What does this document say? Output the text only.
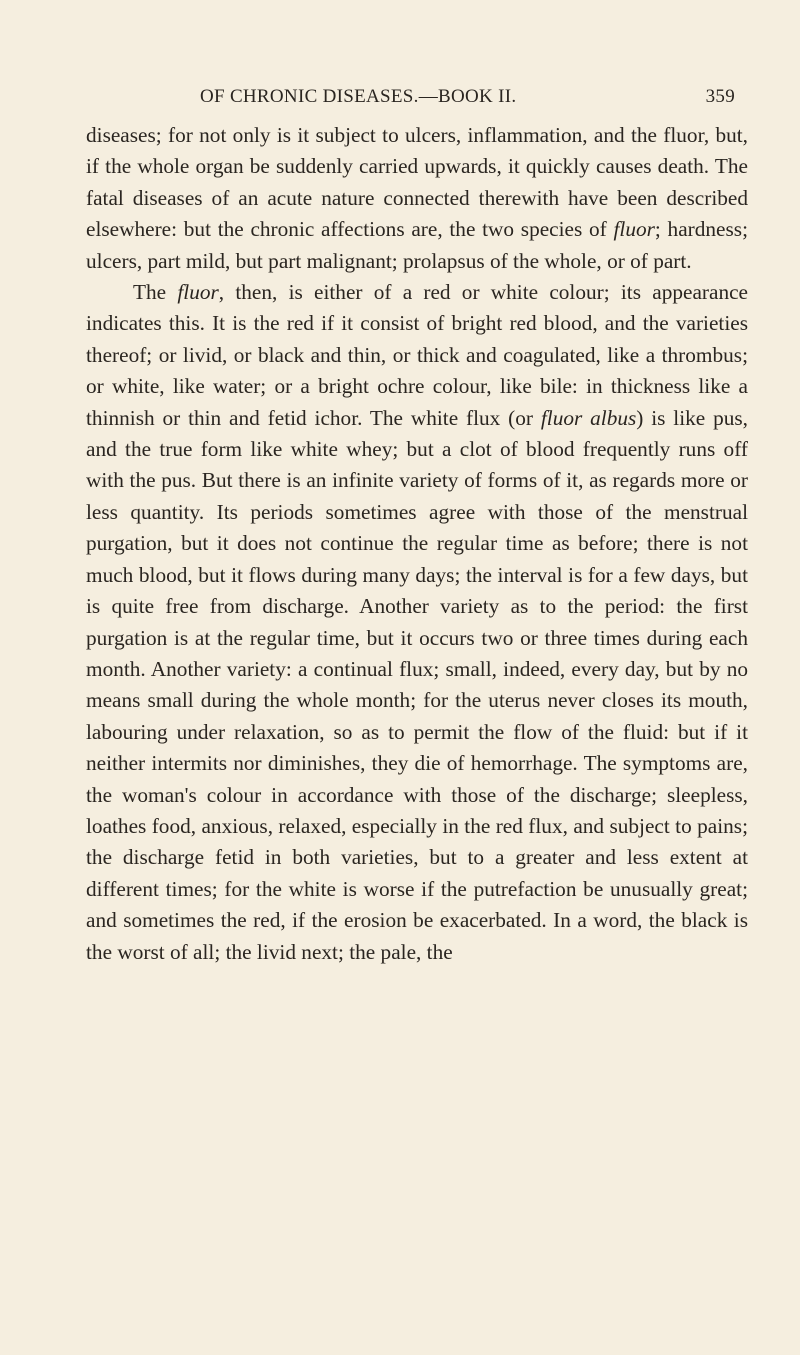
OF CHRONIC DISEASES.—BOOK II.	359

diseases; for not only is it subject to ulcers, inflammation, and the fluor, but, if the whole organ be suddenly carried upwards, it quickly causes death. The fatal diseases of an acute nature connected therewith have been described elsewhere: but the chronic affections are, the two species of fluor; hardness; ulcers, part mild, but part malignant; prolapsus of the whole, or of part.

The fluor, then, is either of a red or white colour; its appearance indicates this. It is the red if it consist of bright red blood, and the varieties thereof; or livid, or black and thin, or thick and coagulated, like a thrombus; or white, like water; or a bright ochre colour, like bile: in thickness like a thinnish or thin and fetid ichor. The white flux (or fluor albus) is like pus, and the true form like white whey; but a clot of blood frequently runs off with the pus. But there is an infinite variety of forms of it, as regards more or less quantity. Its periods sometimes agree with those of the menstrual purgation, but it does not continue the regular time as before; there is not much blood, but it flows during many days; the interval is for a few days, but is quite free from discharge. Another variety as to the period: the first purgation is at the regular time, but it occurs two or three times during each month. Another variety: a continual flux; small, indeed, every day, but by no means small during the whole month; for the uterus never closes its mouth, labouring under relaxation, so as to permit the flow of the fluid: but if it neither intermits nor diminishes, they die of hemorrhage. The symptoms are, the woman's colour in accordance with those of the discharge; sleepless, loathes food, anxious, relaxed, especially in the red flux, and subject to pains; the discharge fetid in both varieties, but to a greater and less extent at different times; for the white is worse if the putrefaction be unusually great; and sometimes the red, if the erosion be exacerbated. In a word, the black is the worst of all; the livid next; the pale, the
